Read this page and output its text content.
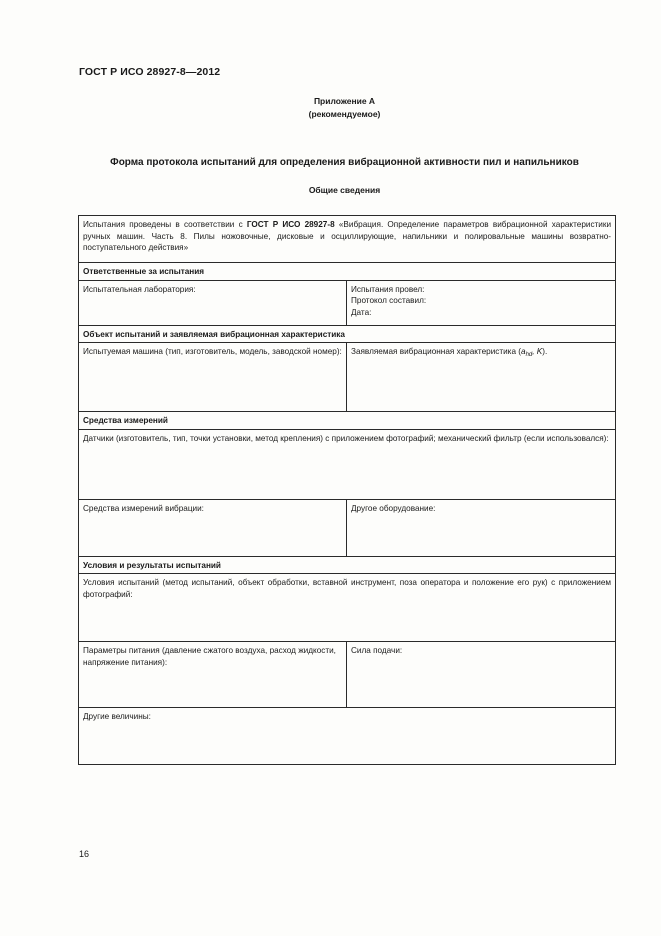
ГОСТ Р ИСО 28927-8—2012
Приложение А
(рекомендуемое)
Форма протокола испытаний для определения вибрационной активности пил и напильников
Общие сведения
Испытания проведены в соответствии с ГОСТ Р ИСО 28927-8 «Вибрация. Определение параметров вибрационной характеристики ручных машин. Часть 8. Пилы ножовочные, дисковые и осциллирующие, напильники и полировальные машины возвратно-поступательного действия»	
Ответственные за испытания	
Испытательная лаборатория:	Испытания провел:
Протокол составил:
Дата:

Объект испытаний и заявляемая вибрационная характеристика	
Испытуемая машина (тип, изготовитель, модель, заводской номер):	Заявляемая вибрационная характеристика ($a_{hd}$, K).
Средства измерений	
Датчики (изготовитель, тип, точки установки, метод крепления) с приложением фотографий; механический фильтр (если использовался):	
Средства измерений вибрации:	Другое оборудование:
Условия и результаты испытаний	
Условия испытаний (метод испытаний, объект обработки, вставной инструмент, поза оператора и положение его рук) с приложением фотографий:	
Параметры питания (давление сжатого воздуха, расход жидкости, напряжение питания):	Сила подачи:
Другие величины:	
16
